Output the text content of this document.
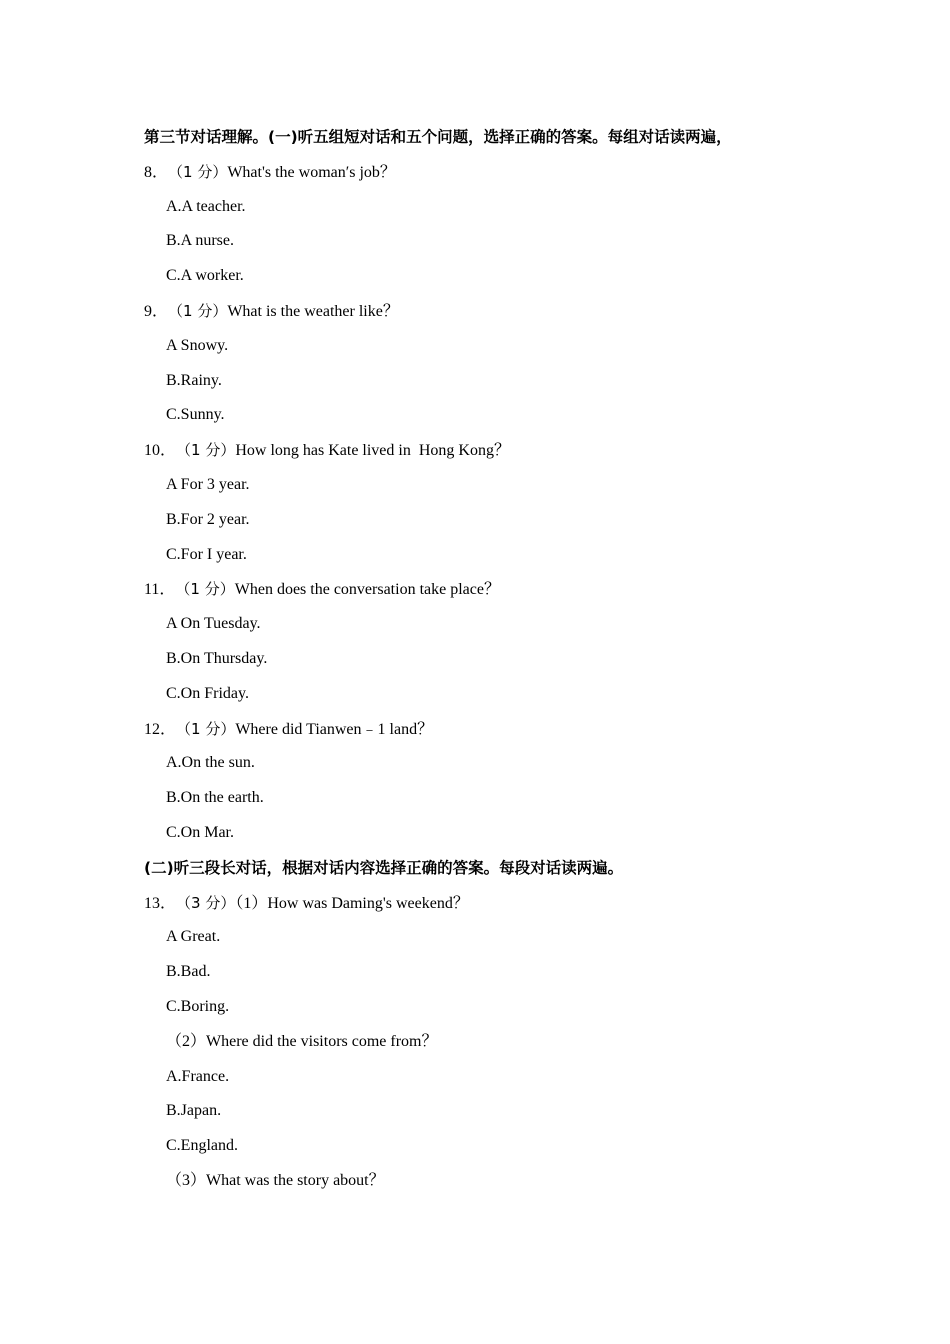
第三节对话理解。(一)听五组短对话和五个问题，选择正确的答案。每组对话读两遍，
8．（1 分）What's the woman′s job？
A.A teacher.
B.A nurse.
C.A worker.
9．（1 分）What is the weather like？
A Snowy.
B.Rainy.
C.Sunny.
10．（1 分）How long has Kate lived in  Hong Kong？
A For 3 year.
B.For 2 year.
C.For I year.
11．（1 分）When does the conversation take place？
A On Tuesday.
B.On Thursday.
C.On Friday.
12．（1 分）Where did Tianwen﹣1 land？
A.On the sun.
B.On the earth.
C.On Mar.
(二)听三段长对话，根据对话内容选择正确的答案。每段对话读两遍。
13．（3 分）（1）How was Daming's weekend？
A Great.
B.Bad.
C.Boring.
（2）Where did the visitors come from？
A.France.
B.Japan.
C.England.
（3）What was the story about？
